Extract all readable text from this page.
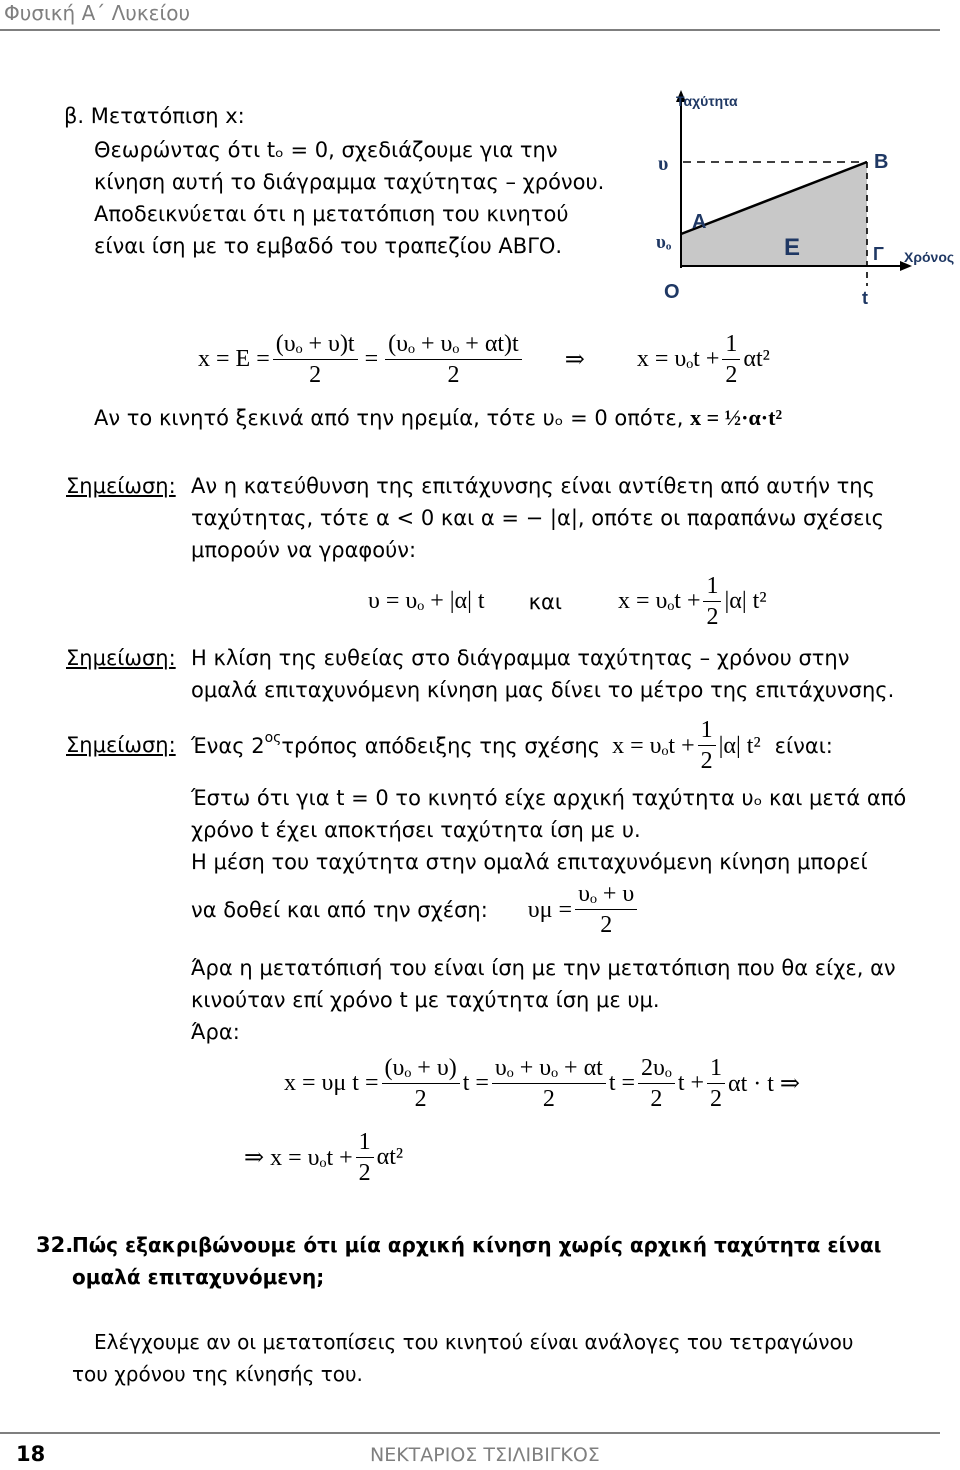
Φυσική Α΄ Λυκείου
β. Μετατόπιση x:
Θεωρώντας ότι tₒ = 0, σχεδιάζουμε για την
κίνηση αυτή το διάγραμμα ταχύτητας – χρόνου.
Αποδεικνύεται ότι η μετατόπιση του κινητού
είναι ίση με το εμβαδό του τραπεζίου ΑΒΓΟ.
Ταχύτητα
Χρόνος
υ
υₒ
O
A
B
Γ
E
t
$x = E = \frac{\text{(υₒ + υ)t}}{2} = \frac{\text{(υₒ + υₒ + αt)t}}{2}$ ⇒ $x = \upsilon_ot + \frac{1}{2} \alpha t^2$
Αν το κινητό ξεκινά από την ηρεμία, τότε υₒ = 0 οπότε, x = ½·α·t²
Σημείωση: Αν η κατεύθυνση της επιτάχυνσης είναι αντίθετη από αυτήν της
ταχύτητας, τότε α < 0 και α = − |α|, οπότε οι παραπάνω σχέσεις
μπορούν να γραφούν:
υ = υₒ + |α| t και $x = \upsilon_ot + \frac{1}{2} |\alpha|$ t²
Σημείωση: Η κλίση της ευθείας στο διάγραμμα ταχύτητας – χρόνου στην
ομαλά επιταχυνόμενη κίνηση μας δίνει το μέτρο της επιτάχυνσης.
Σημείωση: Ένας $2^{o\varsigma}$ τρόπος απόδειξης της σχέσης $x = \upsilon_ot + \frac{1}{2} |\alpha|$ t² είναι:
Έστω ότι για t = 0 το κινητό είχε αρχική ταχύτητα υₒ και μετά από
χρόνο t έχει αποκτήσει ταχύτητα ίση με υ.
Η μέση του ταχύτητα στην ομαλά επιταχυνόμενη κίνηση μπορεί
να δοθεί και από την σχέση: $\upsilon\mu = \frac{\text{υₒ + υ}}{2}$
Άρα η μετατόπισή του είναι ίση με την μετατόπιση που θα είχε, αν
κινούταν επί χρόνο t με ταχύτητα ίση με υμ.
Άρα:
x = υμ $t = \frac{\text{(υₒ + υ)}}{2}$ $t = \frac{\text{υₒ + υₒ + αt}}{2}$ $t = \frac{\text{2υₒ}}{2}$ $t + \frac{1}{2}$ αt · t ⇒
⇒ $x = \upsilon_ot + \frac{1}{2} \alpha t^2$
32.
Πώς εξακριβώνουμε ότι μία αρχική κίνηση χωρίς αρχική ταχύτητα είναι
ομαλά επιταχυνόμενη;
Ελέγχουμε αν οι μετατοπίσεις του κινητού είναι ανάλογες του τετραγώνου
του χρόνου της κίνησής του.
18	ΝΕΚΤΑΡΙΟΣ ΤΣΙΛΙΒΙΓΚΟΣ
